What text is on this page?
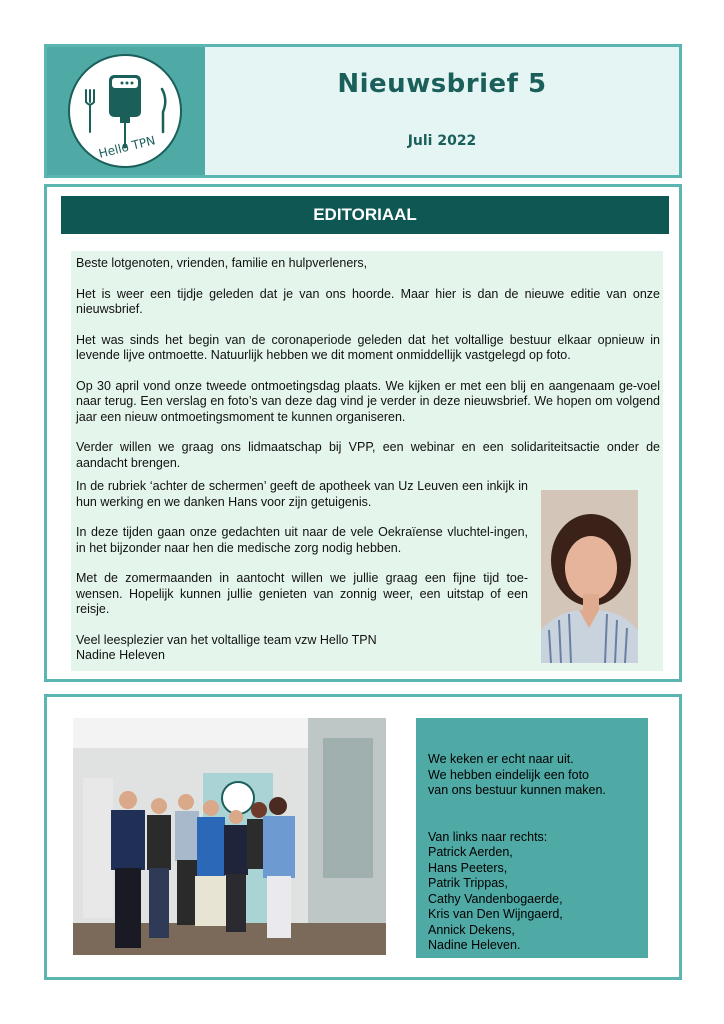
Hello TPN
Nieuwsbrief 5
Juli 2022
EDITORIAAL

Beste lotgenoten, vrienden, familie en hulpverleners,

Het is weer een tijdje geleden dat je van ons hoorde. Maar hier is dan de nieuwe editie van onze nieuwsbrief.

Het was sinds het begin van de coronaperiode geleden dat het voltallige bestuur elkaar opnieuw in levende lijve ontmoette. Natuurlijk hebben we dit moment onmiddellijk vastgelegd op foto.

Op 30 april vond onze tweede ontmoetingsdag plaats. We kijken er met een blij en aangenaam ge-voel naar terug. Een verslag en foto’s van deze dag vind je verder in deze nieuwsbrief. We hopen om volgend jaar een nieuw ontmoetingsmoment te kunnen organiseren.

Verder willen we graag ons lidmaatschap bij VPP, een webinar en een solidariteitsactie onder de aandacht brengen.

In de rubriek ‘achter de schermen’ geeft de apotheek van Uz Leuven een inkijk in hun werking en we danken Hans voor zijn getuigenis.

In deze tijden gaan onze gedachten uit naar de vele Oekraïense vluchtel-ingen, in het bijzonder naar hen die medische zorg nodig hebben.

Met de zomermaanden in aantocht willen we jullie graag een fijne tijd toe-wensen. Hopelijk kunnen jullie genieten van zonnig weer, een uitstap of een reisje.

Veel leesplezier van het voltallige team vzw Hello TPN

Nadine Heleven

We keken er echt naar uit.
We hebben eindelijk een foto
van ons bestuur kunnen maken.
Van links naar rechts:
Patrick Aerden,
Hans Peeters,
Patrik Trippas,
Cathy Vandenbogaerde,
Kris van Den Wijngaerd,
Annick Dekens,
Nadine Heleven.
